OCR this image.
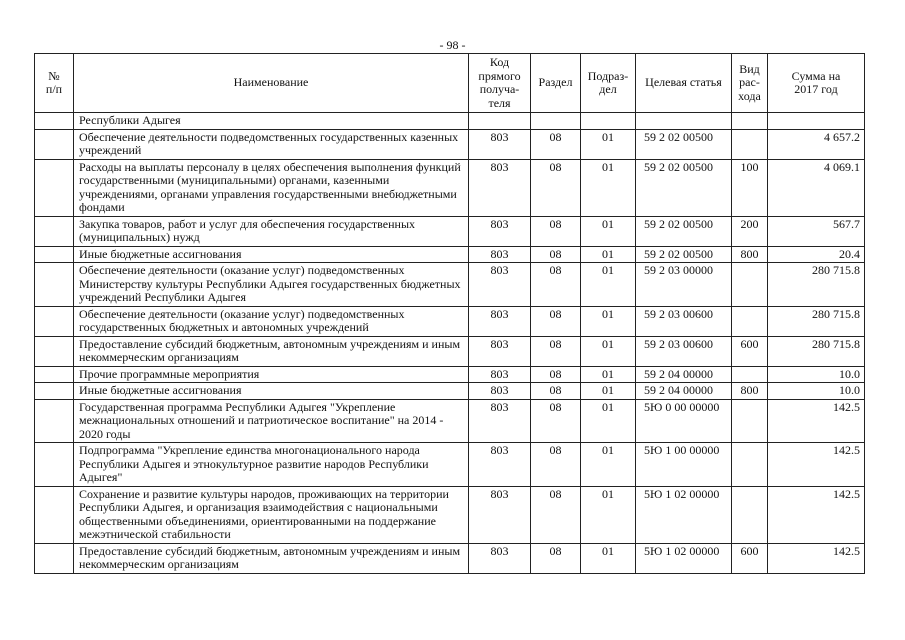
- 98 -
№
п/п	Наименование	Код
прямого
получа-
теля	Раздел	Подраз-
дел	Целевая статья	Вид
рас-
хода	Сумма на
2017 год

	Республики Адыгея						
	Обеспечение деятельности подведомственных государственных казенных учреждений	803	08	01	59 2 02 00500		4 657.2
	Расходы на выплаты персоналу в целях обеспечения выполнения функций государственными (муниципальными) органами, казенными учреждениями, органами управления государственными внебюджетными фондами	803	08	01	59 2 02 00500	100	4 069.1
	Закупка товаров, работ и услуг для обеспечения государственных (муниципальных) нужд	803	08	01	59 2 02 00500	200	567.7
	Иные бюджетные ассигнования	803	08	01	59 2 02 00500	800	20.4
	Обеспечение деятельности (оказание услуг) подведомственных Министерству культуры Республики Адыгея государственных бюджетных учреждений Республики Адыгея	803	08	01	59 2 03 00000		280 715.8
	Обеспечение деятельности (оказание услуг) подведомственных государственных бюджетных и автономных учреждений	803	08	01	59 2 03 00600		280 715.8
	Предоставление субсидий бюджетным, автономным учреждениям и иным некоммерческим организациям	803	08	01	59 2 03 00600	600	280 715.8
	Прочие программные мероприятия	803	08	01	59 2 04 00000		10.0
	Иные бюджетные ассигнования	803	08	01	59 2 04 00000	800	10.0
	Государственная программа Республики Адыгея "Укрепление межнациональных отношений и патриотическое воспитание" на 2014 - 2020 годы	803	08	01	5Ю 0 00 00000		142.5
	Подпрограмма "Укрепление единства многонационального народа Республики Адыгея и этнокультурное развитие народов Республики Адыгея"	803	08	01	5Ю 1 00 00000		142.5
	Сохранение и развитие культуры народов, проживающих на территории Республики Адыгея, и организация взаимодействия с национальными общественными объединениями, ориентированными на поддержание межэтнической стабильности	803	08	01	5Ю 1 02 00000		142.5
	Предоставление субсидий бюджетным, автономным учреждениям и иным некоммерческим организациям	803	08	01	5Ю 1 02 00000	600	142.5
